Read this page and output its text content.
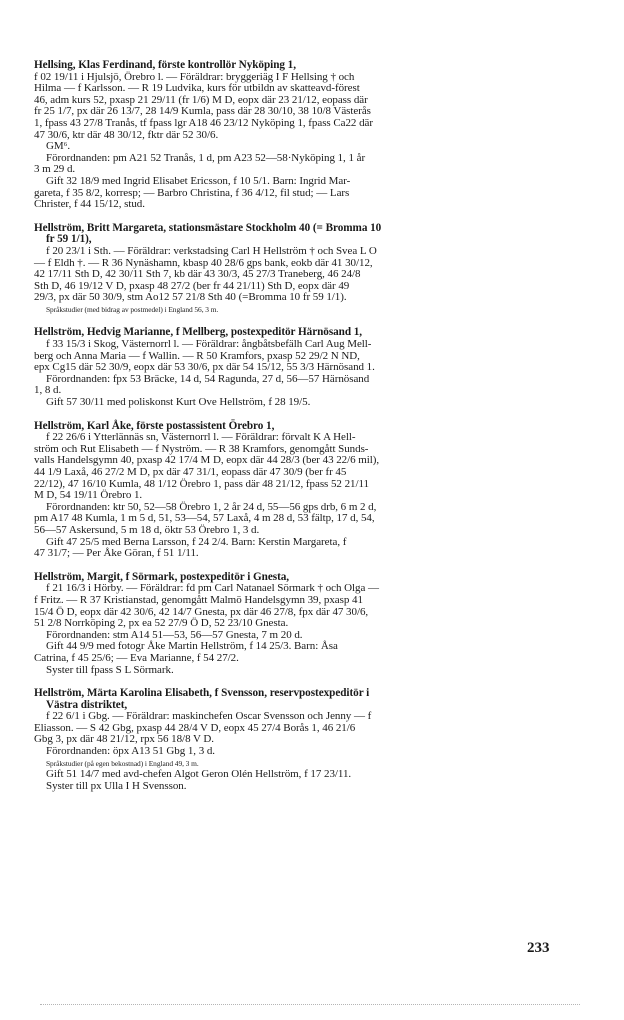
Hellsing, Klas Ferdinand, förste kontrollör Nyköping 1,
f 02 19/11 i Hjulsjö, Örebro l. — Föräldrar: bryggeriäg I F Hellsing † och
Hilma — f Karlsson. — R 19 Ludvika, kurs för utbildn av skatteavd-förest
46, adm kurs 52, pxasp 21 29/11 (fr 1/6) M D, eopx där 23 21/12, eopass där
fr 25 1/7, px där 26 13/7, 28 14/9 Kumla, pass där 28 30/10, 38 10/8 Västerås
1, fpass 43 27/8 Tranås, tf fpass lgr A18 46 23/12 Nyköping 1, fpass Ca22 där
47 30/6, ktr där 48 30/12, fktr där 52 30/6.
GM⁶.
Förordnanden: pm A21 52 Tranås, 1 d, pm A23 52—58·Nyköping 1, 1 år
3 m 29 d.
Gift 32 18/9 med Ingrid Elisabet Ericsson, f 10 5/1. Barn: Ingrid Mar-
gareta, f 35 8/2, korresp; — Barbro Christina, f 36 4/12, fil stud; — Lars
Christer, f 44 15/12, stud.
Hellström, Britt Margareta, stationsmästare Stockholm 40 (= Bromma 10
fr 59 1/1),
f 20 23/1 i Sth. — Föräldrar: verkstadsing Carl H Hellström † och Svea L O
— f Eldh †. — R 36 Nynäshamn, kbasp 40 28/6 gps bank, eokb där 41 30/12,
42 17/11 Sth D, 42 30/11 Sth 7, kb där 43 30/3, 45 27/3 Traneberg, 46 24/8
Sth D, 46 19/12 V D, pxasp 48 27/2 (ber fr 44 21/11) Sth D, eopx där 49
29/3, px där 50 30/9, stm Ao12 57 21/8 Sth 40 (=Bromma 10 fr 59 1/1).
Språkstudier (med bidrag av postmedel) i England 56, 3 m.
Hellström, Hedvig Marianne, f Mellberg, postexpeditör Härnösand 1,
f 33 15/3 i Skog, Västernorrl l. — Föräldrar: ångbåtsbefälh Carl Aug Mell-
berg och Anna Maria — f Wallin. — R 50 Kramfors, pxasp 52 29/2 N ND,
epx Cg15 där 52 30/9, eopx där 53 30/6, px där 54 15/12, 55 3/3 Härnösand 1.
Förordnanden: fpx 53 Bräcke, 14 d, 54 Ragunda, 27 d, 56—57 Härnösand
1, 8 d.
Gift 57 30/11 med poliskonst Kurt Ove Hellström, f 28 19/5.
Hellström, Karl Åke, förste postassistent Örebro 1,
f 22 26/6 i Ytterlännäs sn, Västernorrl l. — Föräldrar: förvalt K A Hell-
ström och Rut Elisabeth — f Nyström. — R 38 Kramfors, genomgått Sunds-
valls Handelsgymn 40, pxasp 42 17/4 M D, eopx där 44 28/3 (ber 43 22/6 mil),
44 1/9 Laxå, 46 27/2 M D, px där 47 31/1, eopass där 47 30/9 (ber fr 45
22/12), 47 16/10 Kumla, 48 1/12 Örebro 1, pass där 48 21/12, fpass 52 21/11
M D, 54 19/11 Örebro 1.
Förordnanden: ktr 50, 52—58 Örebro 1, 2 år 24 d, 55—56 gps drb, 6 m 2 d,
pm A17 48 Kumla, 1 m 5 d, 51, 53—54, 57 Laxå, 4 m 28 d, 53 fältp, 17 d, 54,
56—57 Askersund, 5 m 18 d, öktr 53 Örebro 1, 3 d.
Gift 47 25/5 med Berna Larsson, f 24 2/4. Barn: Kerstin Margareta, f
47 31/7; — Per Åke Göran, f 51 1/11.
Hellström, Margit, f Sörmark, postexpeditör i Gnesta,
f 21 16/3 i Hörby. — Föräldrar: fd pm Carl Natanael Sörmark † och Olga —
f Fritz. — R 37 Kristianstad, genomgått Malmö Handelsgymn 39, pxasp 41
15/4 Ö D, eopx där 42 30/6, 42 14/7 Gnesta, px där 46 27/8, fpx där 47 30/6,
51 2/8 Norrköping 2, px ea 52 27/9 Ö D, 52 23/10 Gnesta.
Förordnanden: stm A14 51—53, 56—57 Gnesta, 7 m 20 d.
Gift 44 9/9 med fotogr Åke Martin Hellström, f 14 25/3. Barn: Åsa
Catrina, f 45 25/6; — Eva Marianne, f 54 27/2.
Syster till fpass S L Sörmark.
Hellström, Märta Karolina Elisabeth, f Svensson, reservpostexpeditör i
Västra distriktet,
f 22 6/1 i Gbg. — Föräldrar: maskinchefen Oscar Svensson och Jenny — f
Eliasson. — S 42 Gbg, pxasp 44 28/4 V D, eopx 45 27/4 Borås 1, 46 21/6
Gbg 3, px där 48 21/12, rpx 56 18/8 V D.
Förordnanden: öpx A13 51 Gbg 1, 3 d.
Språkstudier (på egen bekostnad) i England 49, 3 m.
Gift 51 14/7 med avd-chefen Algot Geron Olén Hellström, f 17 23/11.
Syster till px Ulla I H Svensson.
233
